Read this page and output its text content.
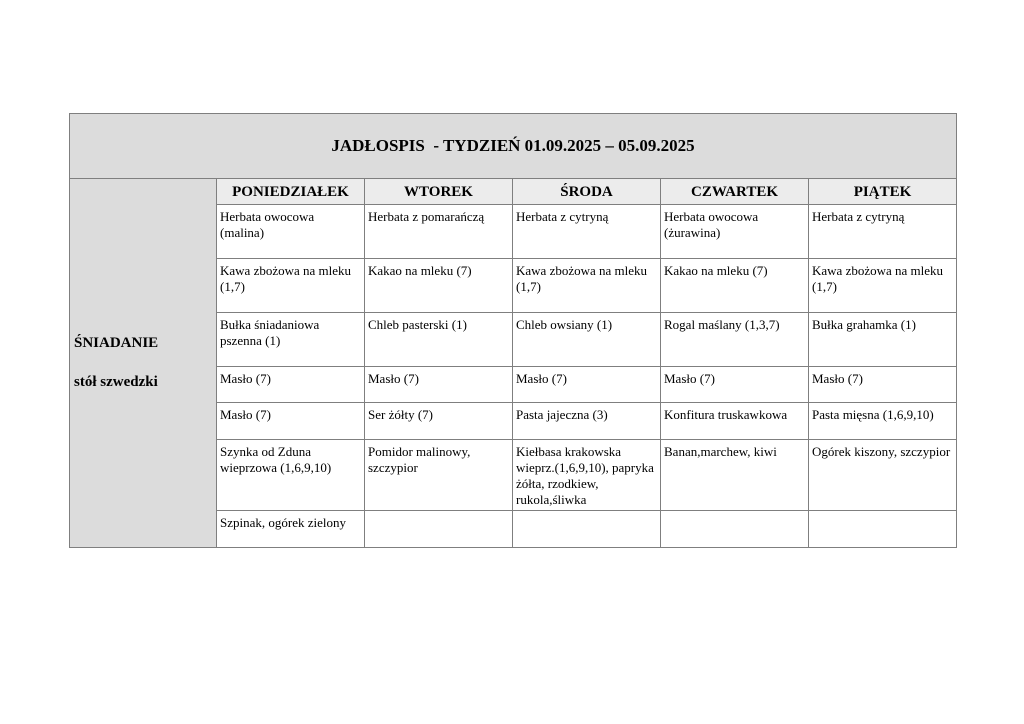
JADŁOSPIS  - TYDZIEŃ 01.09.2025 – 05.09.2025					

ŚNIADANIE
stół szwedzki	PONIEDZIAŁEK	WTOREK	ŚRODA	CZWARTEK	PIĄTEK
	Herbata owocowa (malina)	Herbata z pomarańczą	Herbata z cytryną	Herbata owocowa (żurawina)	Herbata z cytryną
	Kawa zbożowa na mleku (1,7)	Kakao na mleku (7)	Kawa zbożowa na mleku (1,7)	Kakao na mleku (7)	Kawa zbożowa na mleku (1,7)
	Bułka śniadaniowa pszenna (1)	Chleb pasterski (1)	Chleb owsiany (1)	Rogal maślany (1,3,7)	Bułka grahamka (1)
	Masło (7)	Masło (7)	Masło (7)	Masło (7)	Masło (7)
	Masło (7)	Ser żółty (7)	Pasta jajeczna (3)	Konfitura truskawkowa	Pasta mięsna (1,6,9,10)
	Szynka od Zduna wieprzowa (1,6,9,10)	Pomidor malinowy, szczypior	Kiełbasa krakowska wieprz.(1,6,9,10), papryka żółta, rzodkiew, rukola,śliwka	Banan,marchew, kiwi	Ogórek kiszony, szczypior
	Szpinak, ogórek zielony				
